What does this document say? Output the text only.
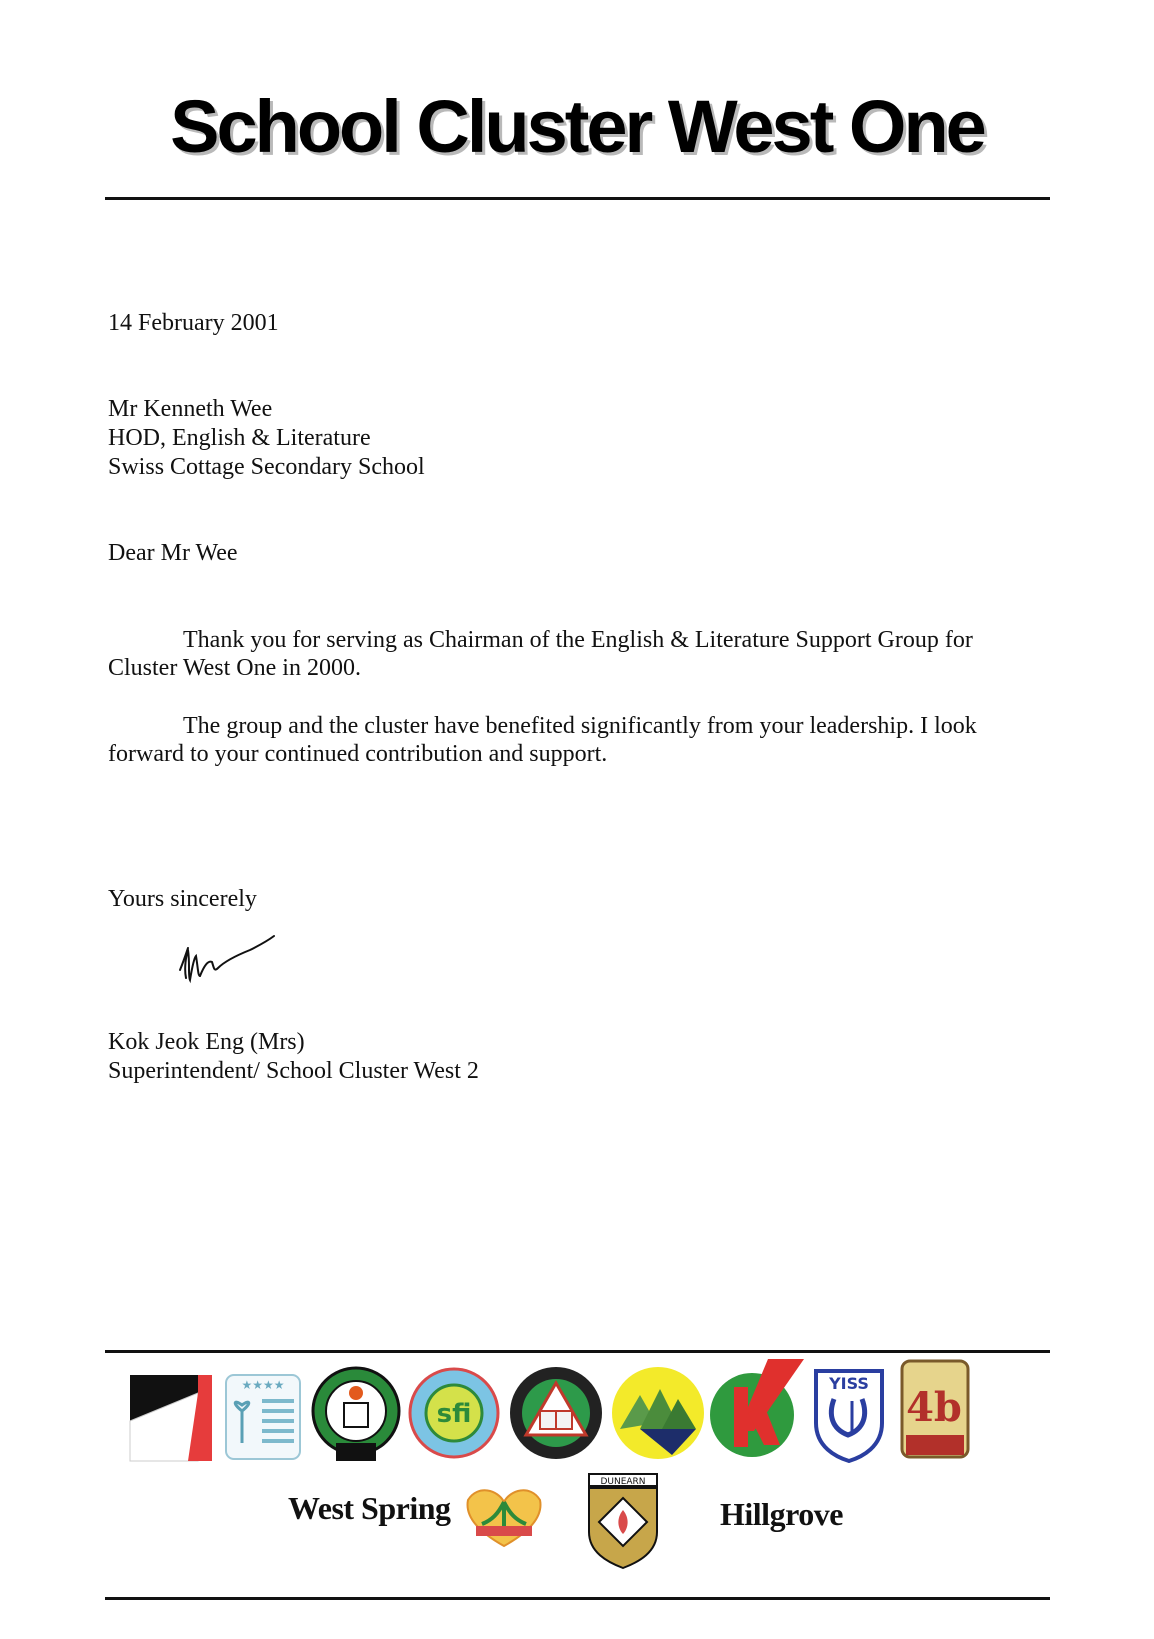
School Cluster West One
14 February 2001
Mr Kenneth Wee
HOD, English & Literature
Swiss Cottage Secondary School
Dear Mr Wee
Thank you for serving as Chairman of the English & Literature Support Group for Cluster West One in 2000.
The group and the cluster have benefited significantly from your leadership. I look forward to your continued contribution and support.
Yours sincerely
Kok Jeok Eng (Mrs)
Superintendent/ School Cluster West 2
★★★★
sfi
YISS
4b
West Spring
DUNEARN
Hillgrove
